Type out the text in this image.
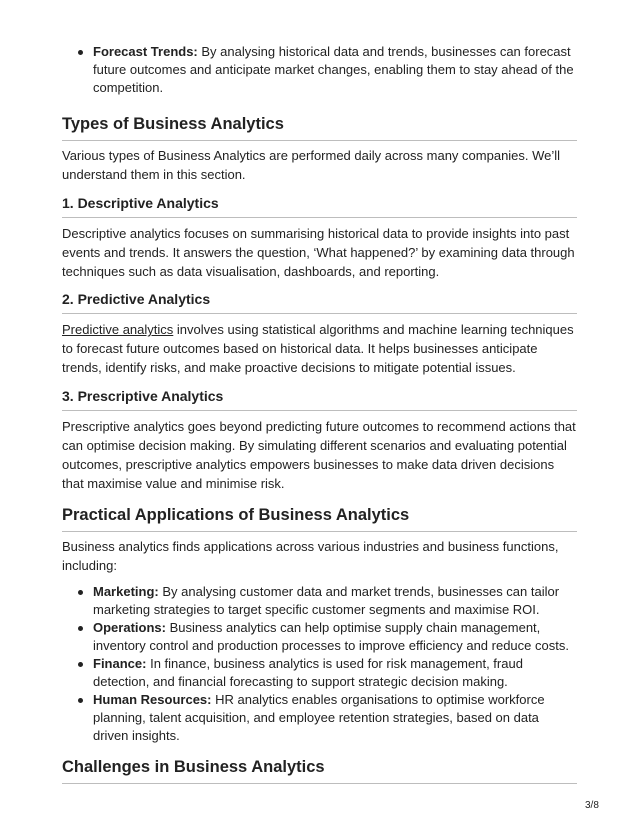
Forecast Trends: By analysing historical data and trends, businesses can forecast future outcomes and anticipate market changes, enabling them to stay ahead of the competition.
Types of Business Analytics

Various types of Business Analytics are performed daily across many companies. We’ll understand them in this section.

1. Descriptive Analytics

Descriptive analytics focuses on summarising historical data to provide insights into past events and trends. It answers the question, ‘What happened?’ by examining data through techniques such as data visualisation, dashboards, and reporting.

2. Predictive Analytics

Predictive analytics involves using statistical algorithms and machine learning techniques to forecast future outcomes based on historical data. It helps businesses anticipate trends, identify risks, and make proactive decisions to mitigate potential issues.

3. Prescriptive Analytics

Prescriptive analytics goes beyond predicting future outcomes to recommend actions that can optimise decision making. By simulating different scenarios and evaluating potential outcomes, prescriptive analytics empowers businesses to make data driven decisions that maximise value and minimise risk.

Practical Applications of Business Analytics

Business analytics finds applications across various industries and business functions, including:

Marketing: By analysing customer data and market trends, businesses can tailor marketing strategies to target specific customer segments and maximise ROI.
Operations: Business analytics can help optimise supply chain management, inventory control and production processes to improve efficiency and reduce costs.
Finance: In finance, business analytics is used for risk management, fraud detection, and financial forecasting to support strategic decision making.
Human Resources: HR analytics enables organisations to optimise workforce planning, talent acquisition, and employee retention strategies, based on data driven insights.
Challenges in Business Analytics
3/8
